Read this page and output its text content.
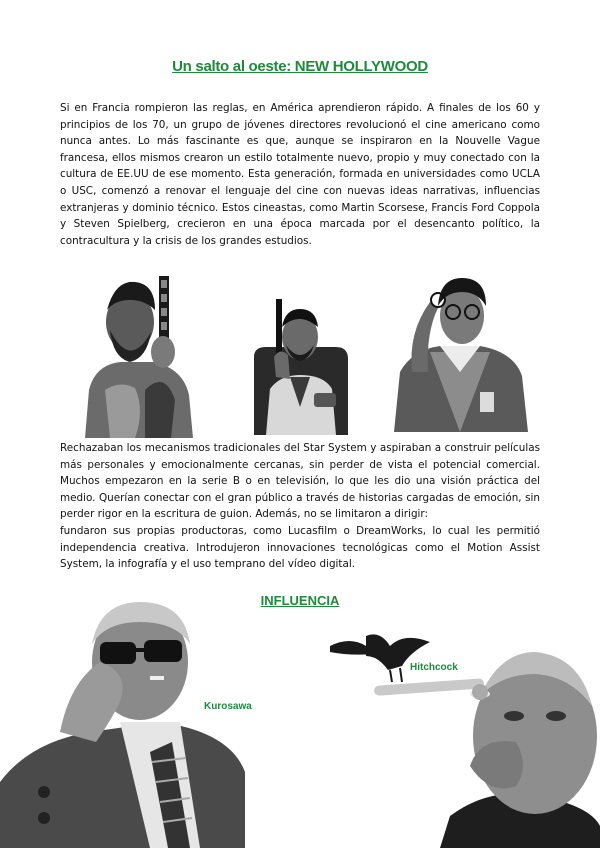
Un salto al oeste: NEW HOLLYWOOD

Si en Francia rompieron las reglas, en América aprendieron rápido. A finales de los 60 y principios de los 70, un grupo de jóvenes directores revolucionó el cine americano como nunca antes. Lo más fascinante es que, aunque se inspiraron en la Nouvelle Vague francesa, ellos mismos crearon un estilo totalmente nuevo, propio y muy conectado con la cultura de EE.UU de ese momento. Esta generación, formada en universidades como UCLA o USC, comenzó a renovar el lenguaje del cine con nuevas ideas narrativas, influencias extranjeras y dominio técnico. Estos cineastas, como Martin Scorsese, Francis Ford Coppola y Steven Spielberg, crecieron en una época marcada por el desencanto político, la contracultura y la crisis de los grandes estudios.

Rechazaban los mecanismos tradicionales del Star System y aspiraban a construir películas más personales y emocionalmente cercanas, sin perder de vista el potencial comercial. Muchos empezaron en la serie B o en televisión, lo que les dio una visión práctica del medio. Querían conectar con el gran público a través de historias cargadas de emoción, sin perder rigor en la escritura de guion. Además, no se limitaron a dirigir:
fundaron sus propias productoras, como Lucasfilm o DreamWorks, lo cual les permitió independencia creativa. Introdujeron innovaciones tecnológicas como el Motion Assist System, la infografía y el uso temprano del vídeo digital.

INFLUENCIA
Kurosawa
Hitchcock
